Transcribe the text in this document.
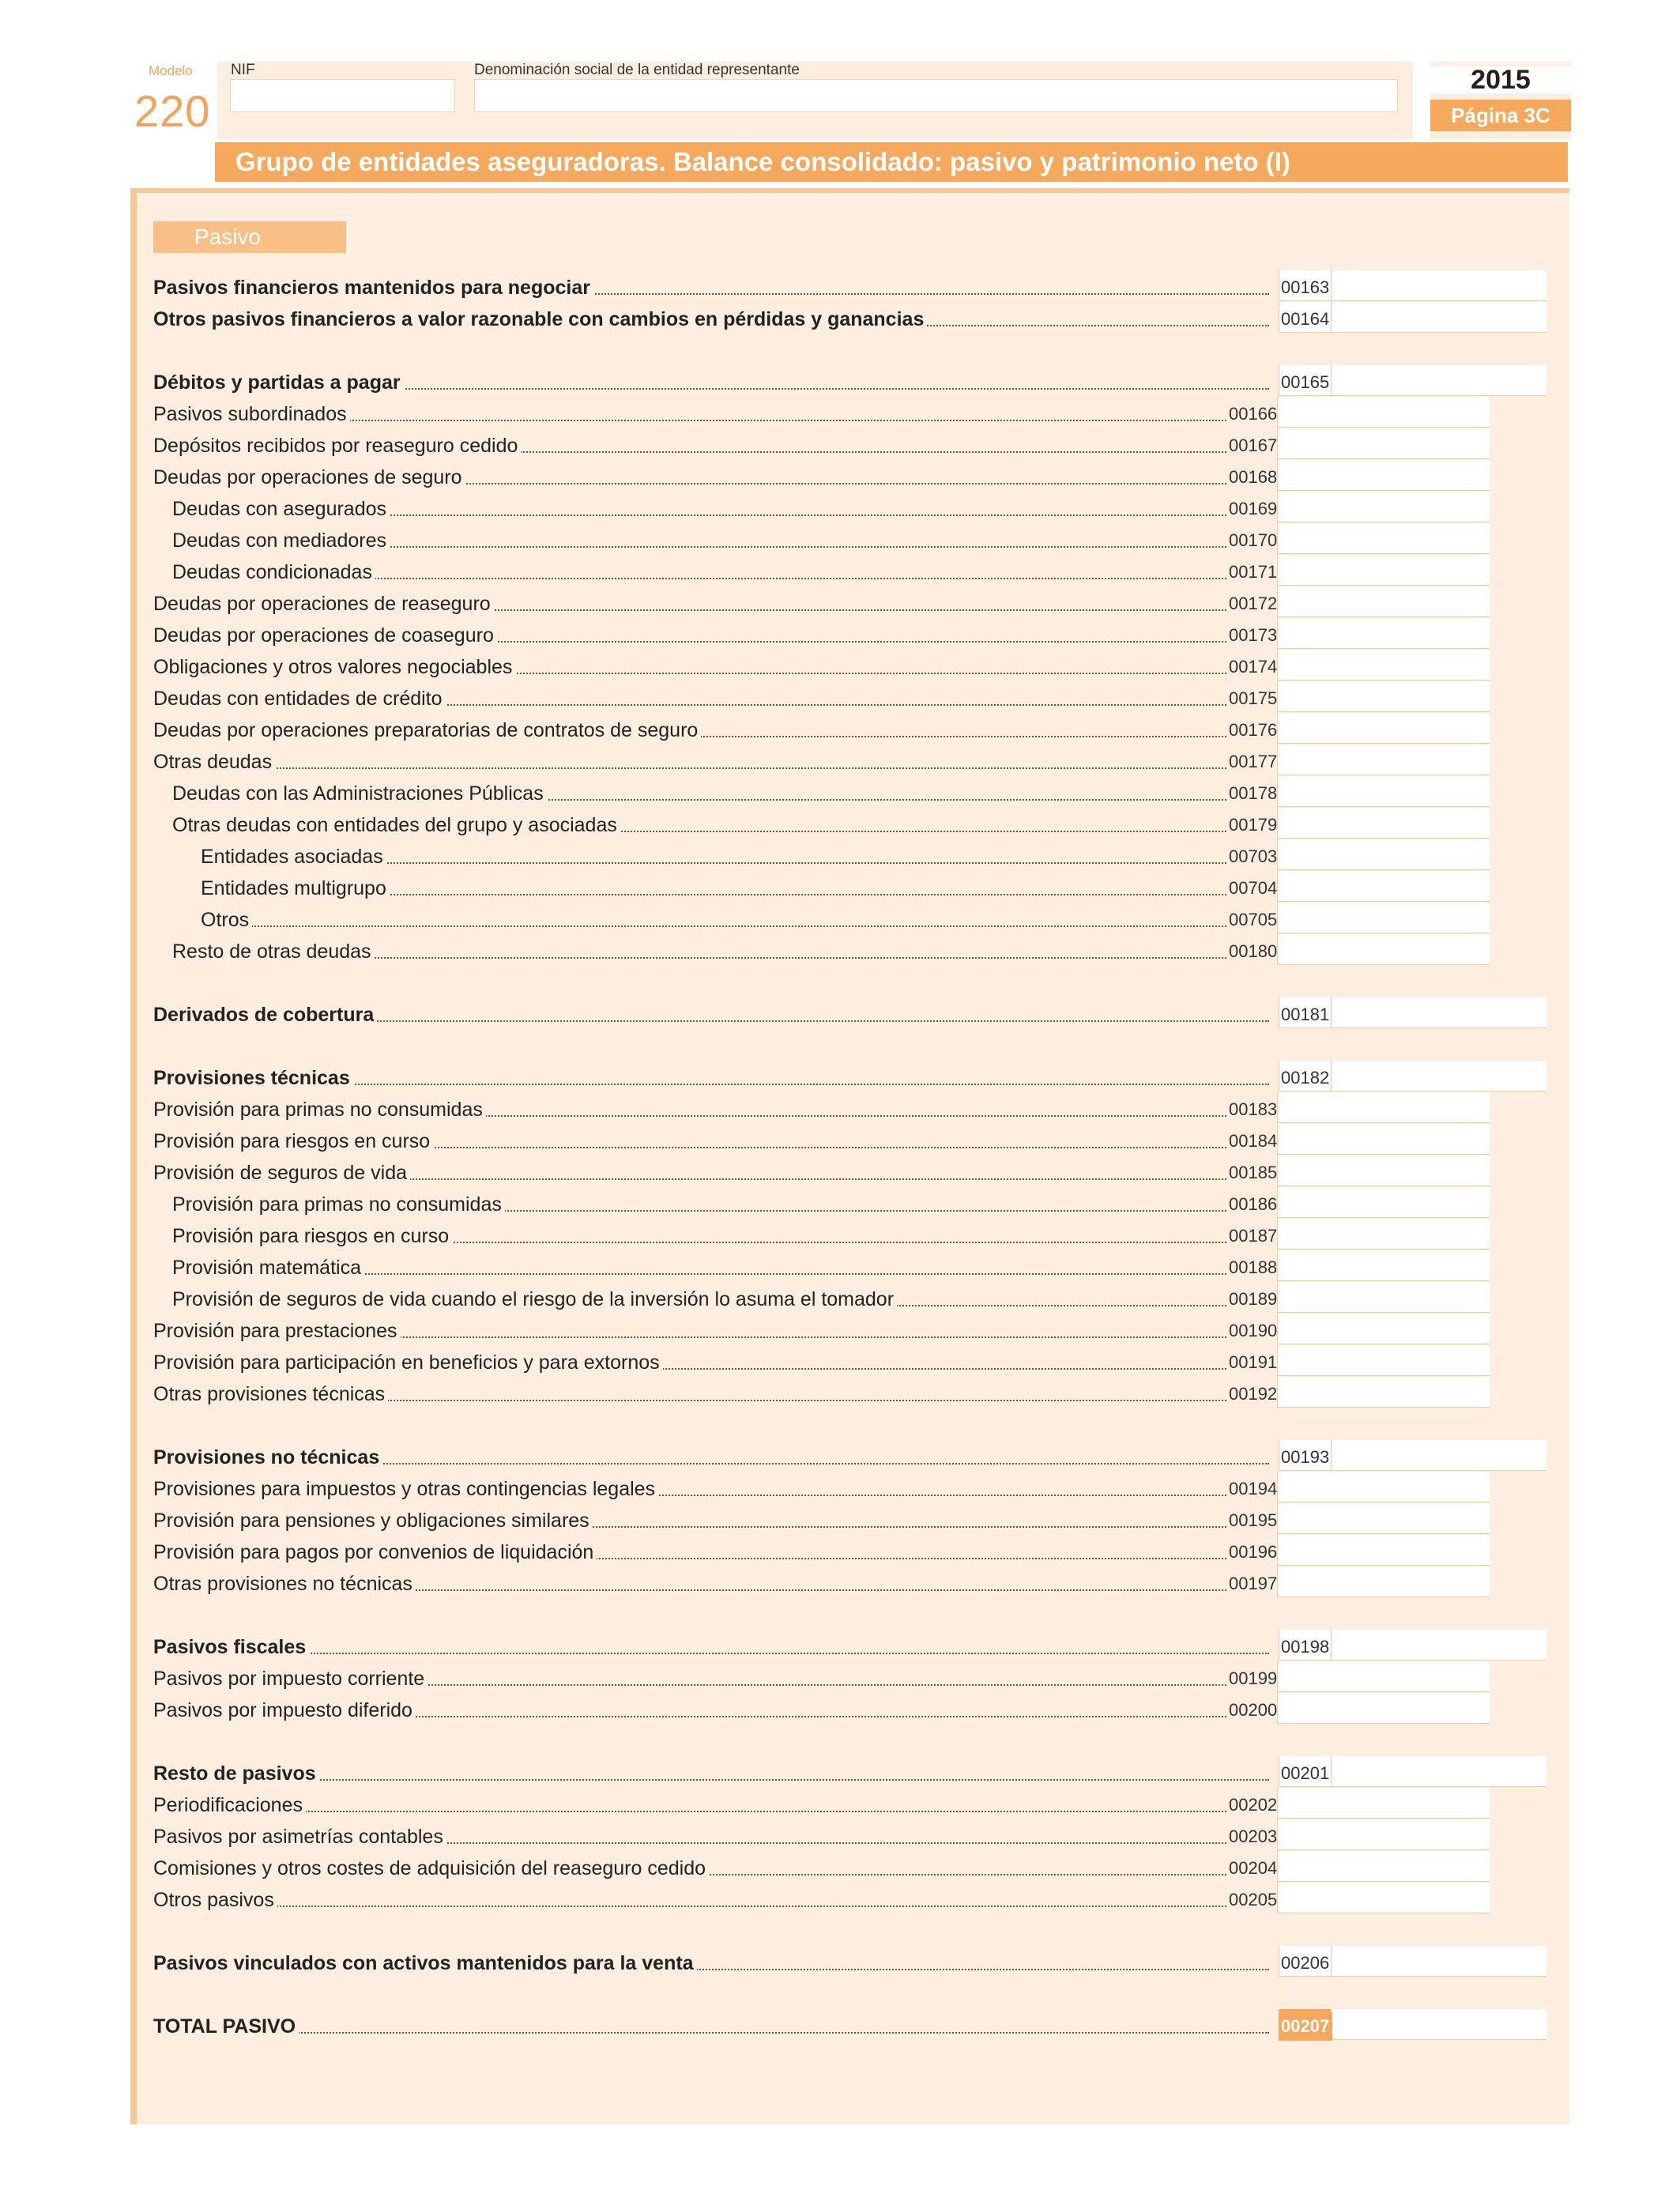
Modelo
220
NIF	Denominación social de la entidad representante	2015
Página 3C
Grupo de entidades aseguradoras. Balance consolidado: pasivo y patrimonio neto (I)
Pasivo
Pasivos financieros mantenidos para negociar	00163
Otros pasivos financieros a valor razonable con cambios en pérdidas y ganancias	00164
Débitos y partidas a pagar	00165
Pasivos subordinados	00166
Depósitos recibidos por reaseguro cedido	00167
Deudas por operaciones de seguro	00168
Deudas con asegurados	00169
Deudas con mediadores	00170
Deudas condicionadas	00171
Deudas por operaciones de reaseguro	00172
Deudas por operaciones de coaseguro	00173
Obligaciones y otros valores negociables	00174
Deudas con entidades de crédito	00175
Deudas por operaciones preparatorias de contratos de seguro	00176
Otras deudas	00177
Deudas con las Administraciones Públicas	00178
Otras deudas con entidades del grupo y asociadas	00179
Entidades asociadas	00703
Entidades multigrupo	00704
Otros	00705
Resto de otras deudas	00180
Derivados de cobertura	00181
Provisiones técnicas	00182
Provisión para primas no consumidas	00183
Provisión para riesgos en curso	00184
Provisión de seguros de vida	00185
Provisión para primas no consumidas	00186
Provisión para riesgos en curso	00187
Provisión matemática	00188
Provisión de seguros de vida cuando el riesgo de la inversión lo asuma el tomador	00189
Provisión para prestaciones	00190
Provisión para participación en beneficios y para extornos	00191
Otras provisiones técnicas	00192
Provisiones no técnicas	00193
Provisiones para impuestos y otras contingencias legales	00194
Provisión para pensiones y obligaciones similares	00195
Provisión para pagos por convenios de liquidación	00196
Otras provisiones no técnicas	00197
Pasivos fiscales	00198
Pasivos por impuesto corriente	00199
Pasivos por impuesto diferido	00200
Resto de pasivos	00201
Periodificaciones	00202
Pasivos por asimetrías contables	00203
Comisiones y otros costes de adquisición del reaseguro cedido	00204
Otros pasivos	00205
Pasivos vinculados con activos mantenidos para la venta	00206
TOTAL PASIVO	00207
